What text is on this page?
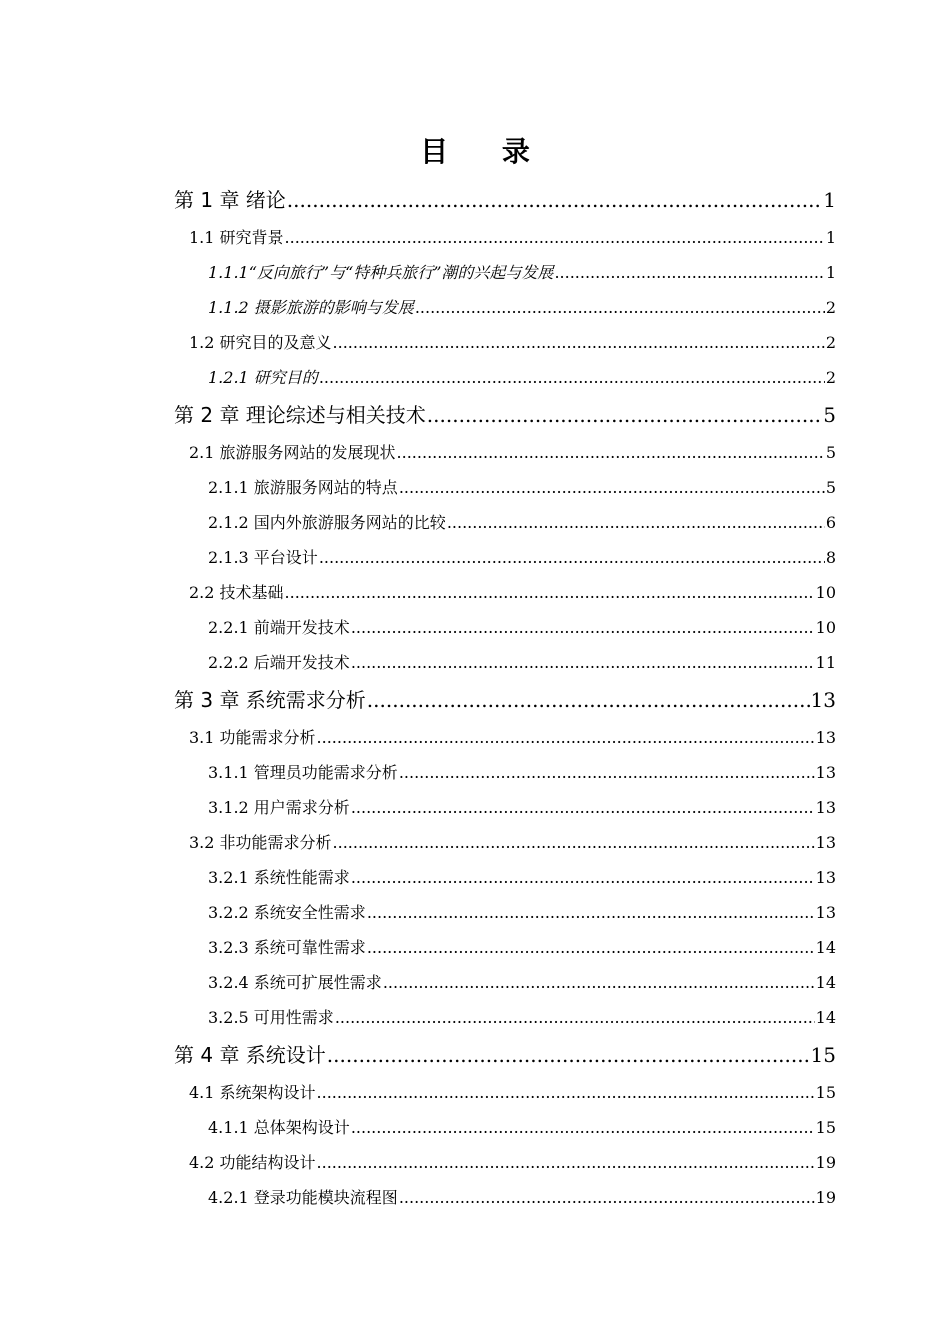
目 录
第 1 章 绪论 .....	1
1.1 研究背景 .....	1
1.1.1“反向旅行”与“特种兵旅行”潮的兴起与发展 .....	1
1.1.2 摄影旅游的影响与发展 .....	2
1.2 研究目的及意义 .....	2
1.2.1 研究目的 .....	2
第 2 章 理论综述与相关技术 .....	5
2.1 旅游服务网站的发展现状 .....	5
2.1.1 旅游服务网站的特点 .....	5
2.1.2 国内外旅游服务网站的比较 .....	6
2.1.3 平台设计 .....	8
2.2 技术基础 .....	10
2.2.1 前端开发技术 .....	10
2.2.2 后端开发技术 .....	11
第 3 章 系统需求分析 .....	13
3.1 功能需求分析 .....	13
3.1.1 管理员功能需求分析 .....	13
3.1.2 用户需求分析 .....	13
3.2 非功能需求分析 .....	13
3.2.1 系统性能需求 .....	13
3.2.2 系统安全性需求 .....	13
3.2.3 系统可靠性需求 .....	14
3.2.4 系统可扩展性需求 .....	14
3.2.5 可用性需求 .....	14
第 4 章 系统设计 .....	15
4.1 系统架构设计 .....	15
4.1.1 总体架构设计 .....	15
4.2 功能结构设计 .....	19
4.2.1 登录功能模块流程图 .....	19
